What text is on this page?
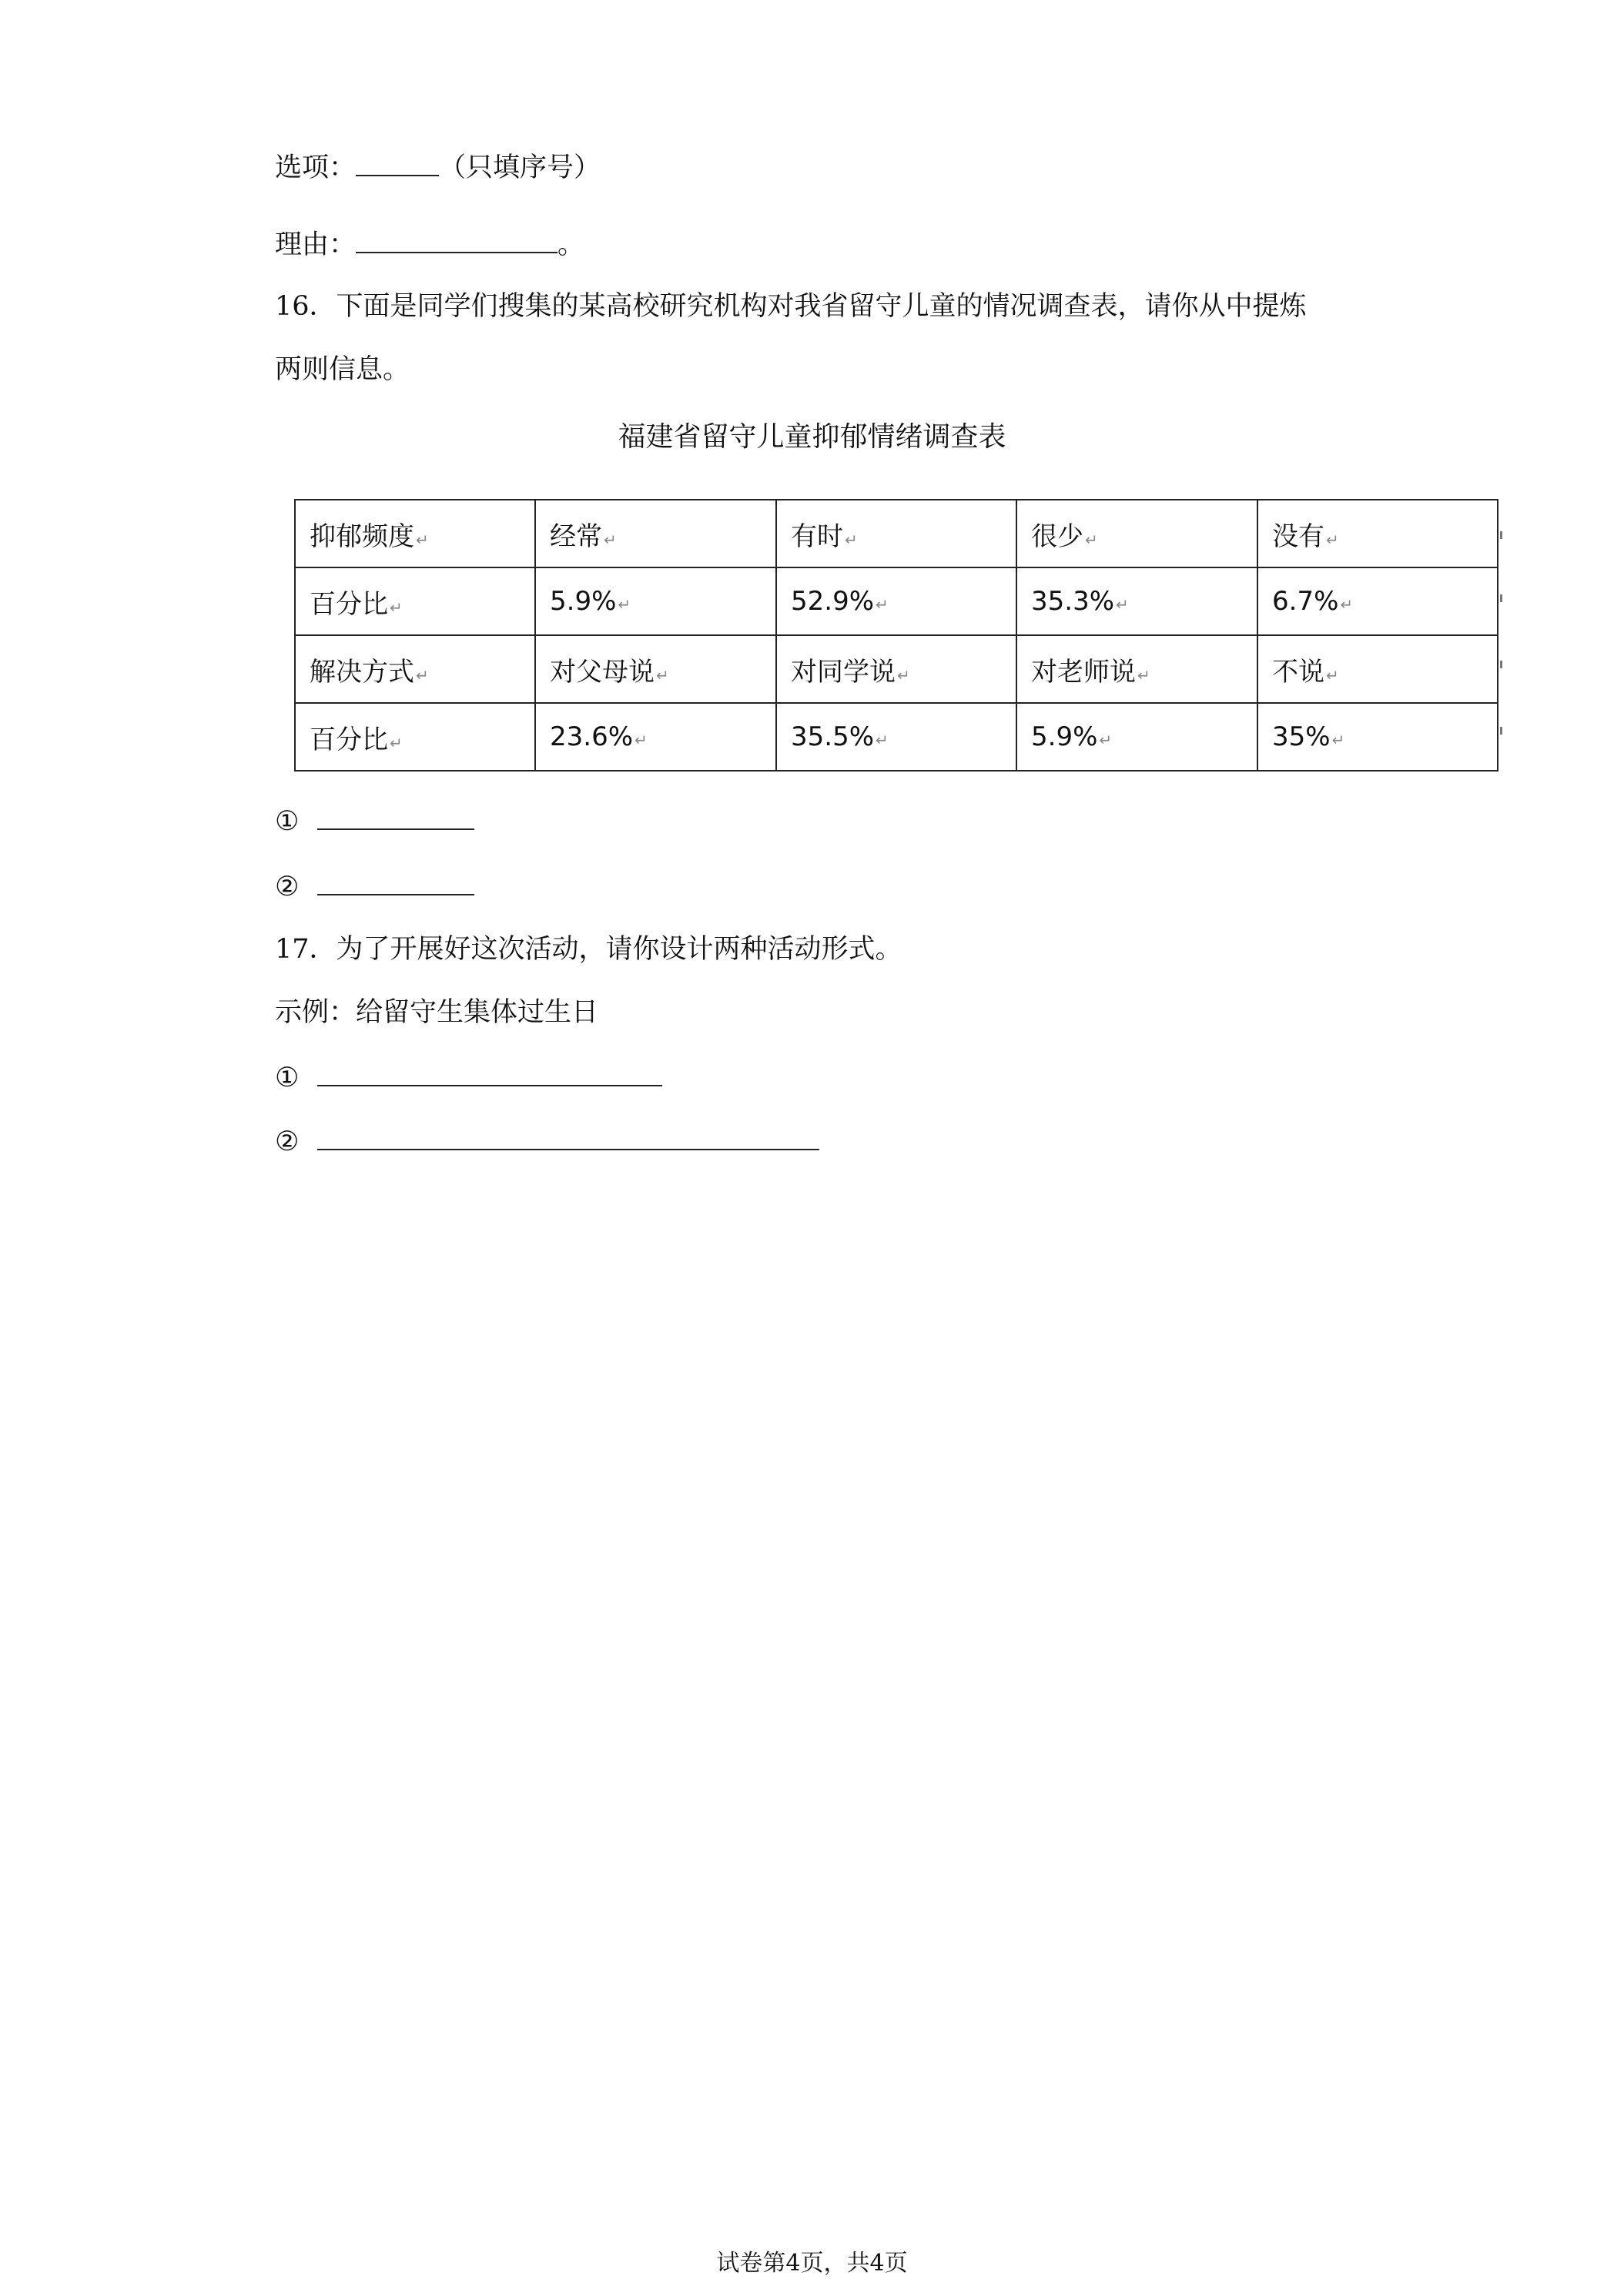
选项：	（只填序号）
理由：	。
16．下面是同学们搜集的某高校研究机构对我省留守儿童的情况调查表，请你从中提炼
两则信息。
福建省留守儿童抑郁情绪调查表
抑郁频度 ↵	经常 ↵	有时 ↵	很少 ↵	没有 ↵
百分比 ↵	5.9% ↵	52.9% ↵	35.3% ↵	6.7% ↵
解决方式 ↵	对父母说 ↵	对同学说 ↵	对老师说 ↵	不说 ↵
百分比 ↵	23.6% ↵	35.5% ↵	5.9% ↵	35% ↵
①
②
17．为了开展好这次活动，请你设计两种活动形式。
示例：给留守生集体过生日
①
②
试卷第4页，共4页
